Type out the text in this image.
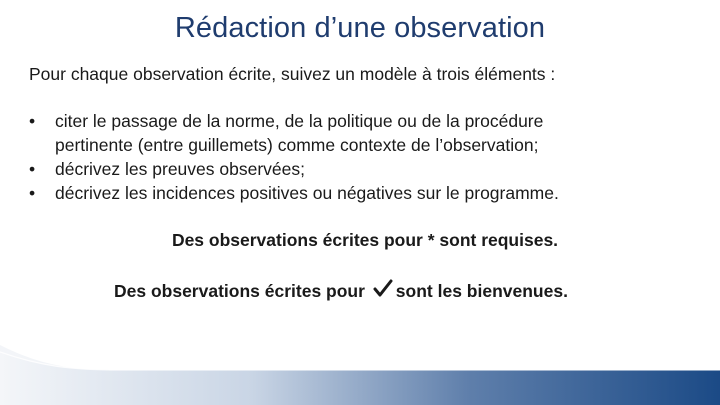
Rédaction d’une observation

Pour chaque observation écrite, suivez un modèle à trois éléments :

•	citer le passage de la norme, de la politique ou de la procédure
pertinente (entre guillemets) comme contexte de l’observation;
•	décrivez les preuves observées;
•	décrivez les incidences positives ou négatives sur le programme.

Des observations écrites pour * sont requises.

Des observations écrites pour sont les bienvenues.
